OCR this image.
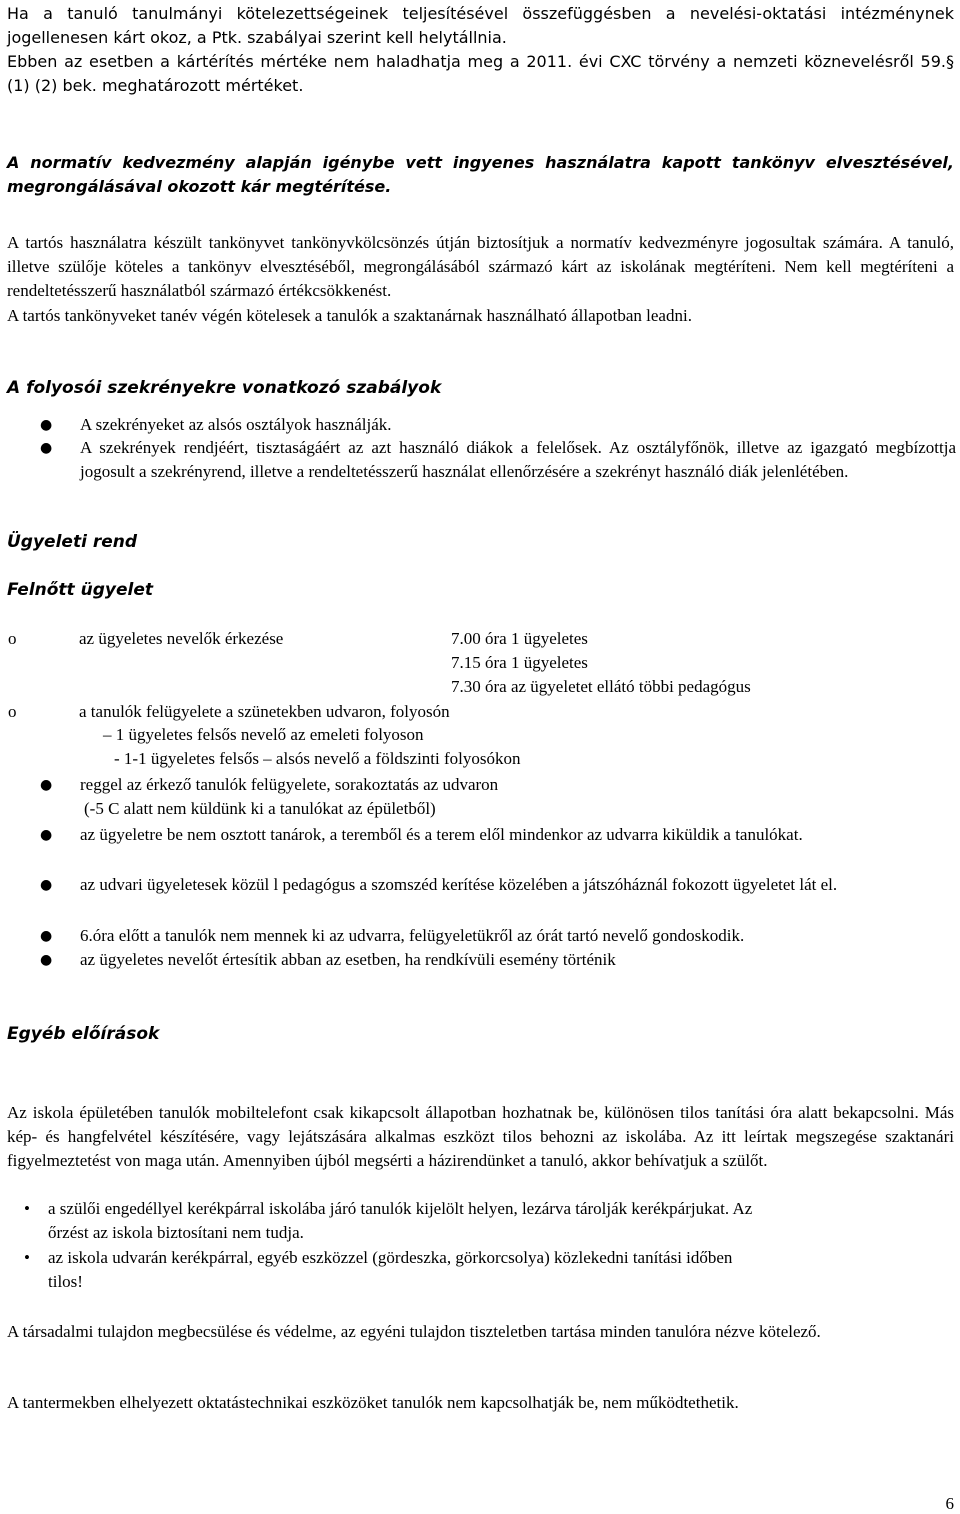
Ha a tanuló tanulmányi kötelezettségeinek teljesítésével összefüggésben a nevelési-oktatási intézménynek jogellenesen kárt okoz, a Ptk. szabályai szerint kell helytállnia.

Ebben az esetben a kártérítés mértéke nem haladhatja meg a 2011. évi CXC törvény a nemzeti köznevelésről 59.§ (1) (2) bek. meghatározott mértéket.

A normatív kedvezmény alapján igénybe vett ingyenes használatra kapott tankönyv elvesztésével, megrongálásával okozott kár megtérítése.

A tartós használatra készült tankönyvet tankönyvkölcsönzés útján biztosítjuk a normatív kedvezményre jogosultak számára. A tanuló, illetve szülője köteles a tankönyv elvesztéséből, megrongálásából származó kárt az iskolának megtéríteni. Nem kell megtéríteni a rendeltetésszerű használatból származó értékcsökkenést.

A tartós tankönyveket tanév végén kötelesek a tanulók a szaktanárnak használható állapotban leadni.

A folyosói szekrényekre vonatkozó szabályok

● A szekrényeket az alsós osztályok használják.

● A szekrények rendjéért, tisztaságáért az azt használó diákok a felelősek. Az osztályfőnök, illetve az igazgató megbízottja jogosult a szekrényrend, illetve a rendeltetésszerű használat ellenőrzésére a szekrényt használó diák jelenlétében.

Ügyeleti rend

Felnőtt ügyelet

o	az ügyeletes nevelők érkezése	7.00 óra 1 ügyeletes
7.15 óra 1 ügyeletes
7.30 óra az ügyeletet ellátó többi pedagógus
o	a tanulók felügyelete a szünetekben udvaron, folyosón
– 1 ügyeletes felsős nevelő az emeleti folyoson
- 1-1 ügyeletes felsős – alsós nevelő a földszinti folyosókon
● reggel az érkező tanulók felügyelete, sorakoztatás az udvaron

(-5 C alatt nem küldünk ki a tanulókat az épületből)

● az ügyeletre be nem osztott tanárok, a teremből és a terem elől mindenkor az udvarra kiküldik a tanulókat.

● az udvari ügyeletesek közül l pedagógus a szomszéd kerítése közelében a játszóháznál fokozott ügyeletet lát el.

● 6.óra előtt a tanulók nem mennek ki az udvarra, felügyeletükről az órát tartó nevelő gondoskodik.

● az ügyeletes nevelőt értesítik abban az esetben, ha rendkívüli esemény történik

Egyéb előírások

Az iskola épületében tanulók mobiltelefont csak kikapcsolt állapotban hozhatnak be, különösen tilos tanítási óra alatt bekapcsolni. Más kép- és hangfelvétel készítésére, vagy lejátszására alkalmas eszközt tilos behozni az iskolába. Az itt leírtak megszegése szaktanári figyelmeztetést von maga után. Amennyiben újból megsérti a házirendünket a tanuló, akkor behívatjuk a szülőt.

• a szülői engedéllyel kerékpárral iskolába járó tanulók kijelölt helyen, lezárva tárolják kerékpárjukat. Az őrzést az iskola biztosítani nem tudja.

• az iskola udvarán kerékpárral, egyéb eszközzel (gördeszka, görkorcsolya) közlekedni tanítási időben tilos!

A társadalmi tulajdon megbecsülése és védelme, az egyéni tulajdon tiszteletben tartása minden tanulóra nézve kötelező.

A tantermekben elhelyezett oktatástechnikai eszközöket tanulók nem kapcsolhatják be, nem működtethetik.

6
